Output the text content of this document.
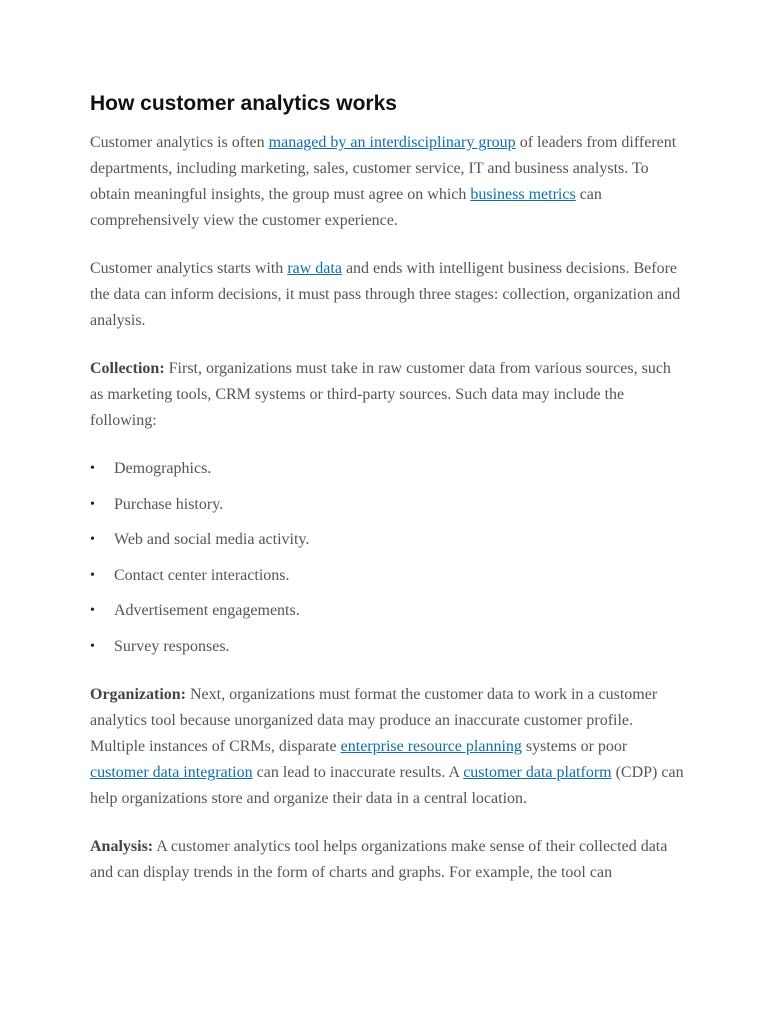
How customer analytics works

Customer analytics is often managed by an interdisciplinary group of leaders from different departments, including marketing, sales, customer service, IT and business analysts. To obtain meaningful insights, the group must agree on which business metrics can comprehensively view the customer experience.

Customer analytics starts with raw data and ends with intelligent business decisions. Before the data can inform decisions, it must pass through three stages: collection, organization and analysis.

Collection: First, organizations must take in raw customer data from various sources, such as marketing tools, CRM systems or third-party sources. Such data may include the following:

• Demographics.
• Purchase history.
• Web and social media activity.
• Contact center interactions.
• Advertisement engagements.
• Survey responses.

Organization: Next, organizations must format the customer data to work in a customer analytics tool because unorganized data may produce an inaccurate customer profile. Multiple instances of CRMs, disparate enterprise resource planning systems or poor customer data integration can lead to inaccurate results. A customer data platform (CDP) can help organizations store and organize their data in a central location.

Analysis: A customer analytics tool helps organizations make sense of their collected data and can display trends in the form of charts and graphs. For example, the tool can
